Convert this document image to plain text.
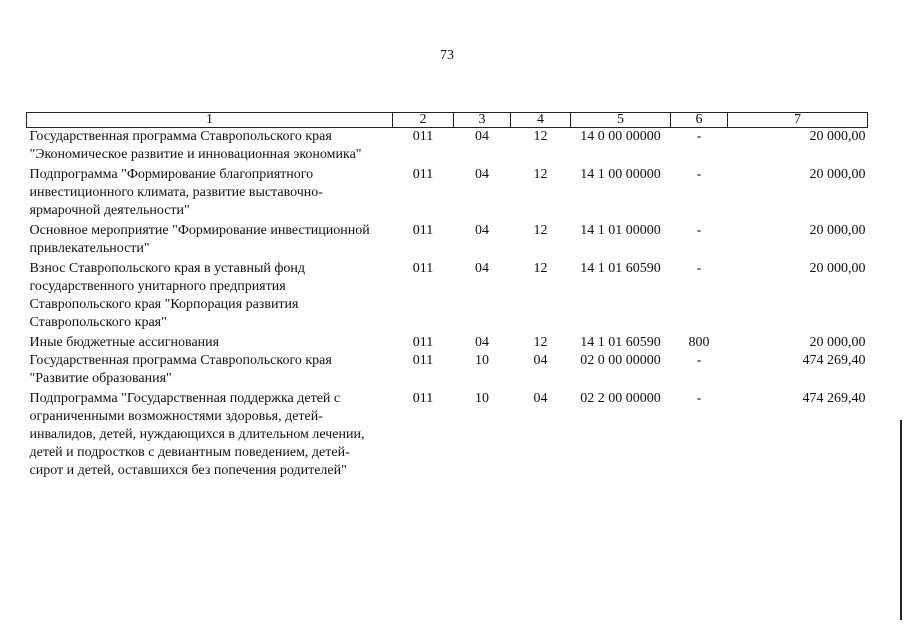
73
1	2	3	4	5	6	7
Государственная программа Ставропольского края "Экономическое развитие и инновационная экономика"	011	04	12	14 0 00 00000	-	20 000,00
Подпрограмма "Формирование благоприятного инвестиционного климата, развитие выставочно-ярмарочной деятельности"	011	04	12	14 1 00 00000	-	20 000,00
Основное мероприятие "Формирование инвестиционной привлекательности"	011	04	12	14 1 01 00000	-	20 000,00
Взнос Ставропольского края в уставный фонд государственного унитарного предприятия Ставропольского края "Корпорация развития Ставропольского края"	011	04	12	14 1 01 60590	-	20 000,00
Иные бюджетные ассигнования	011	04	12	14 1 01 60590	800	20 000,00
Государственная программа Ставропольского края "Развитие образования"	011	10	04	02 0 00 00000	-	474 269,40
Подпрограмма "Государственная поддержка детей с ограниченными возможностями здоровья, детей-инвалидов, детей, нуждающихся в длительном лечении, детей и подростков с девиантным поведением, детей-сирот и детей, оставшихся без попечения родителей"	011	10	04	02 2 00 00000	-	474 269,40
